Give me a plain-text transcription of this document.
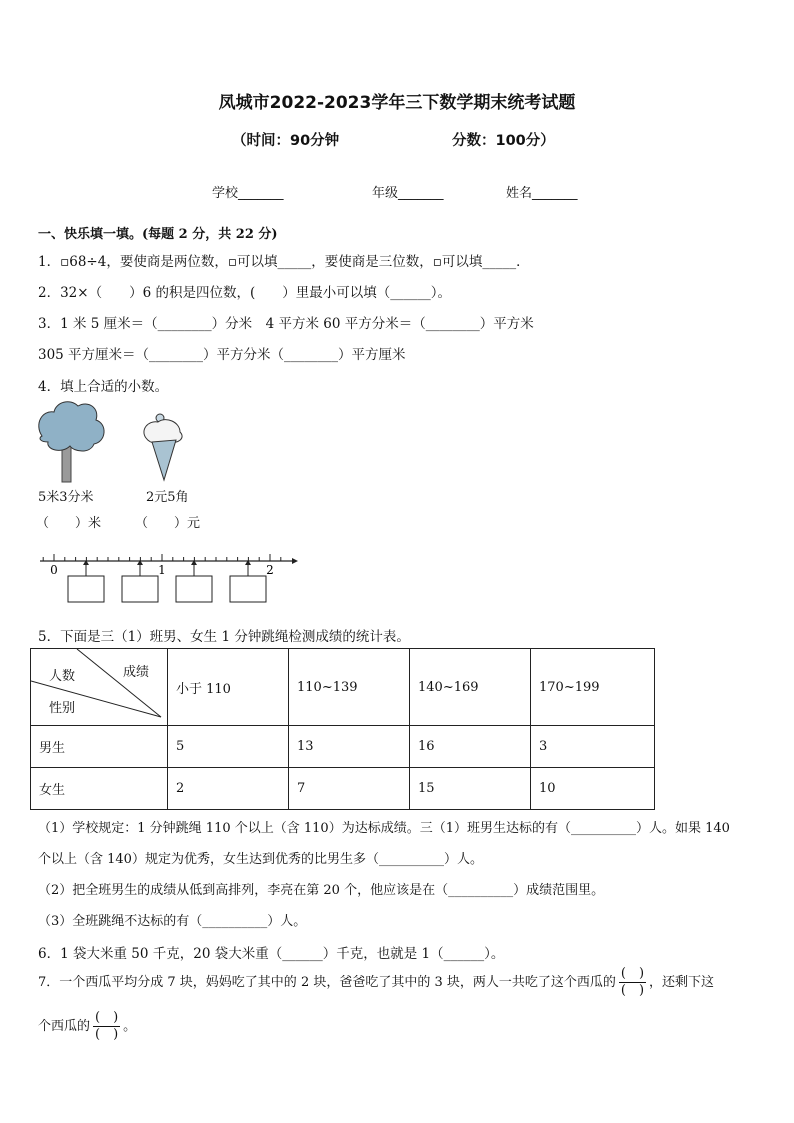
凤城市2022-2023学年三下数学期末统考试题
（时间：90分钟	分数：100分）
学校_______	年级_______	姓名_______
一、快乐填一填。(每题 2 分，共 22 分)
1．▫68÷4，要使商是两位数，▫可以填_____，要使商是三位数，▫可以填_____．
2．32×（　　）6 的积是四位数，(　　）里最小可以填（______）。
3．1 米 5 厘米＝（________）分米　4 平方米 60 平方分米＝（________）平方米
305 平方厘米＝（________）平方分米（________）平方厘米
4．填上合适的小数。
5米3分米
（　　）米
2元5角
（　　）元
0	1	2
5．下面是三（1）班男、女生 1 分钟跳绳检测成绩的统计表。
成绩
人数
性别	小于 110	110~139	140~169	170~199
男生	5	13	16	3
女生	2	7	15	10
（1）学校规定：1 分钟跳绳 110 个以上（含 110）为达标成绩。三（1）班男生达标的有（__________）人。如果 140
个以上（含 140）规定为优秀，女生达到优秀的比男生多（__________）人。
（2）把全班男生的成绩从低到高排列，李亮在第 20 个，他应该是在（__________）成绩范围里。
（3）全班跳绳不达标的有（__________）人。
6．1 袋大米重 50 千克，20 袋大米重（______）千克，也就是 1（______）。
7．一个西瓜平均分成 7 块，妈妈吃了其中的 2 块，爸爸吃了其中的 3 块，两人一共吃了这个西瓜的 $\frac{( )}{( )}$ ，还剩下这
个西瓜的 $\frac{( )}{( )}$ 。
